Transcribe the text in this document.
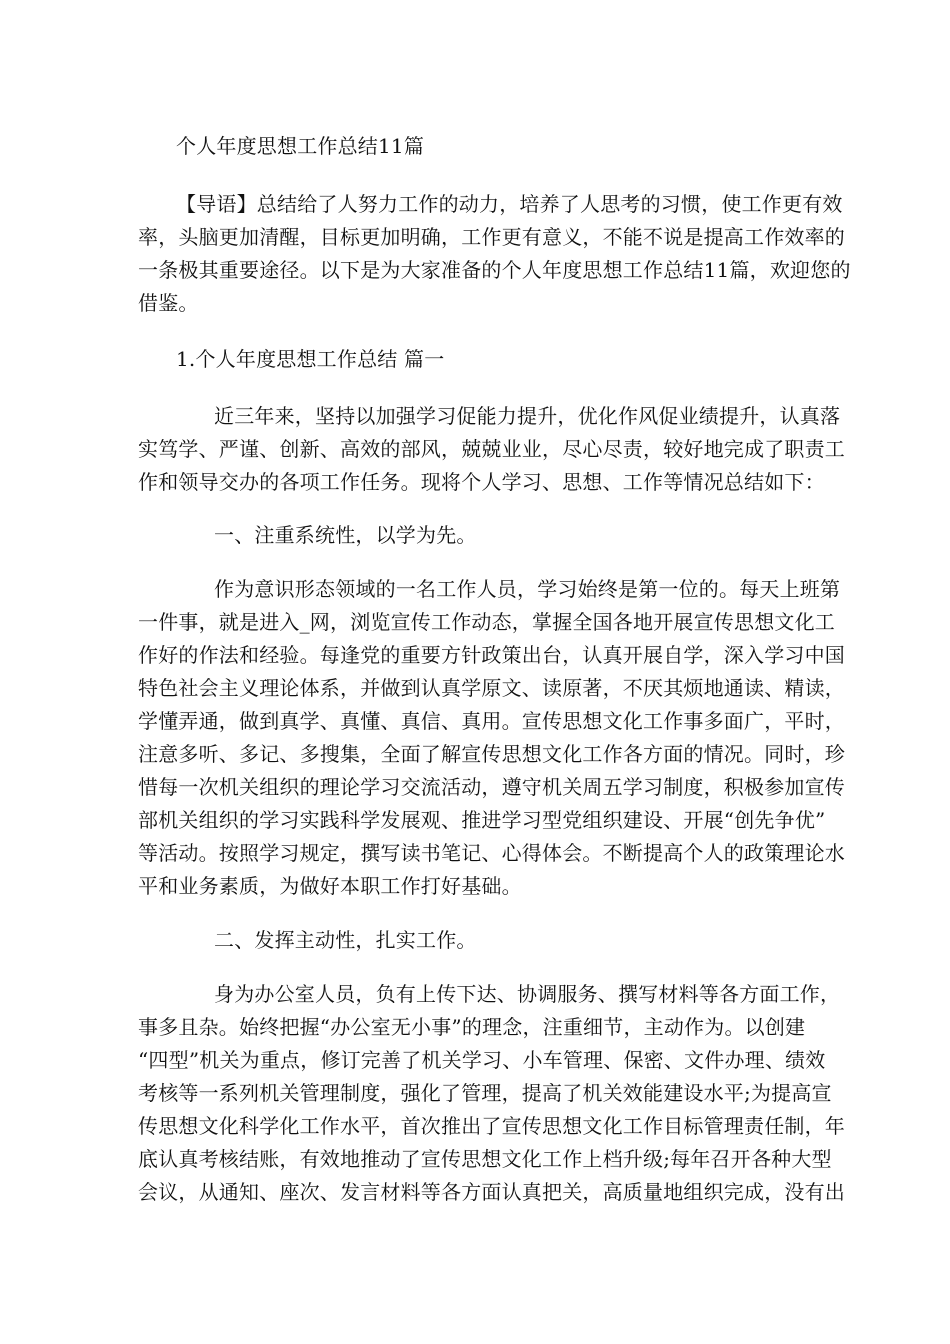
个人年度思想工作总结11篇
【导语】总结给了人努力工作的动力，培养了人思考的习惯，使工作更有效
率，头脑更加清醒，目标更加明确，工作更有意义，不能不说是提高工作效率的
一条极其重要途径。以下是为大家准备的个人年度思想工作总结11篇，欢迎您的
借鉴。
1.个人年度思想工作总结 篇一
近三年来，坚持以加强学习促能力提升，优化作风促业绩提升，认真落
实笃学、严谨、创新、高效的部风，兢兢业业，尽心尽责，较好地完成了职责工
作和领导交办的各项工作任务。现将个人学习、思想、工作等情况总结如下：
一、注重系统性，以学为先。
作为意识形态领域的一名工作人员，学习始终是第一位的。每天上班第
一件事，就是进入_网，浏览宣传工作动态，掌握全国各地开展宣传思想文化工
作好的作法和经验。每逢党的重要方针政策出台，认真开展自学，深入学习中国
特色社会主义理论体系，并做到认真学原文、读原著，不厌其烦地通读、精读，
学懂弄通，做到真学、真懂、真信、真用。宣传思想文化工作事多面广，平时，
注意多听、多记、多搜集，全面了解宣传思想文化工作各方面的情况。同时，珍
惜每一次机关组织的理论学习交流活动，遵守机关周五学习制度，积极参加宣传
部机关组织的学习实践科学发展观、推进学习型党组织建设、开展“创先争优”
等活动。按照学习规定，撰写读书笔记、心得体会。不断提高个人的政策理论水
平和业务素质，为做好本职工作打好基础。
二、发挥主动性，扎实工作。
身为办公室人员，负有上传下达、协调服务、撰写材料等各方面工作，
事多且杂。始终把握“办公室无小事”的理念，注重细节，主动作为。以创建
“四型”机关为重点，修订完善了机关学习、小车管理、保密、文件办理、绩效
考核等一系列机关管理制度，强化了管理，提高了机关效能建设水平;为提高宣
传思想文化科学化工作水平，首次推出了宣传思想文化工作目标管理责任制，年
底认真考核结账，有效地推动了宣传思想文化工作上档升级;每年召开各种大型
会议，从通知、座次、发言材料等各方面认真把关，高质量地组织完成，没有出
